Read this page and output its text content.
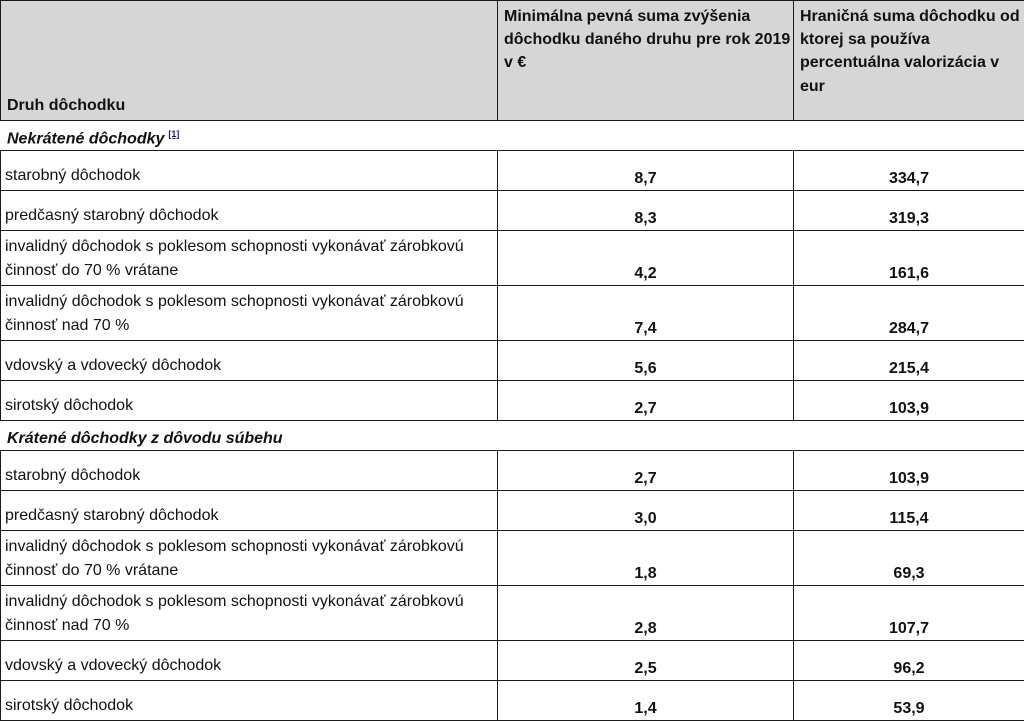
Druh dôchodku	Minimálna pevná suma zvýšenia dôchodku daného druhu pre rok 2019 v €	Hraničná suma dôchodku od ktorej sa používa percentuálna valorizácia v eur
Nekrátené dôchodky [1]
starobný dôchodok	8,7	334,7
predčasný starobný dôchodok	8,3	319,3
invalidný dôchodok s poklesom schopnosti vykonávať zárobkovú činnosť do 70 % vrátane	4,2	161,6
invalidný dôchodok s poklesom schopnosti vykonávať zárobkovú činnosť nad 70 %	7,4	284,7
vdovský a vdovecký dôchodok	5,6	215,4
sirotský dôchodok	2,7	103,9
Krátené dôchodky z dôvodu súbehu		
starobný dôchodok	2,7	103,9
predčasný starobný dôchodok	3,0	115,4
invalidný dôchodok s poklesom schopnosti vykonávať zárobkovú činnosť do 70 % vrátane	1,8	69,3
invalidný dôchodok s poklesom schopnosti vykonávať zárobkovú činnosť nad 70 %	2,8	107,7
vdovský a vdovecký dôchodok	2,5	96,2
sirotský dôchodok	1,4	53,9
